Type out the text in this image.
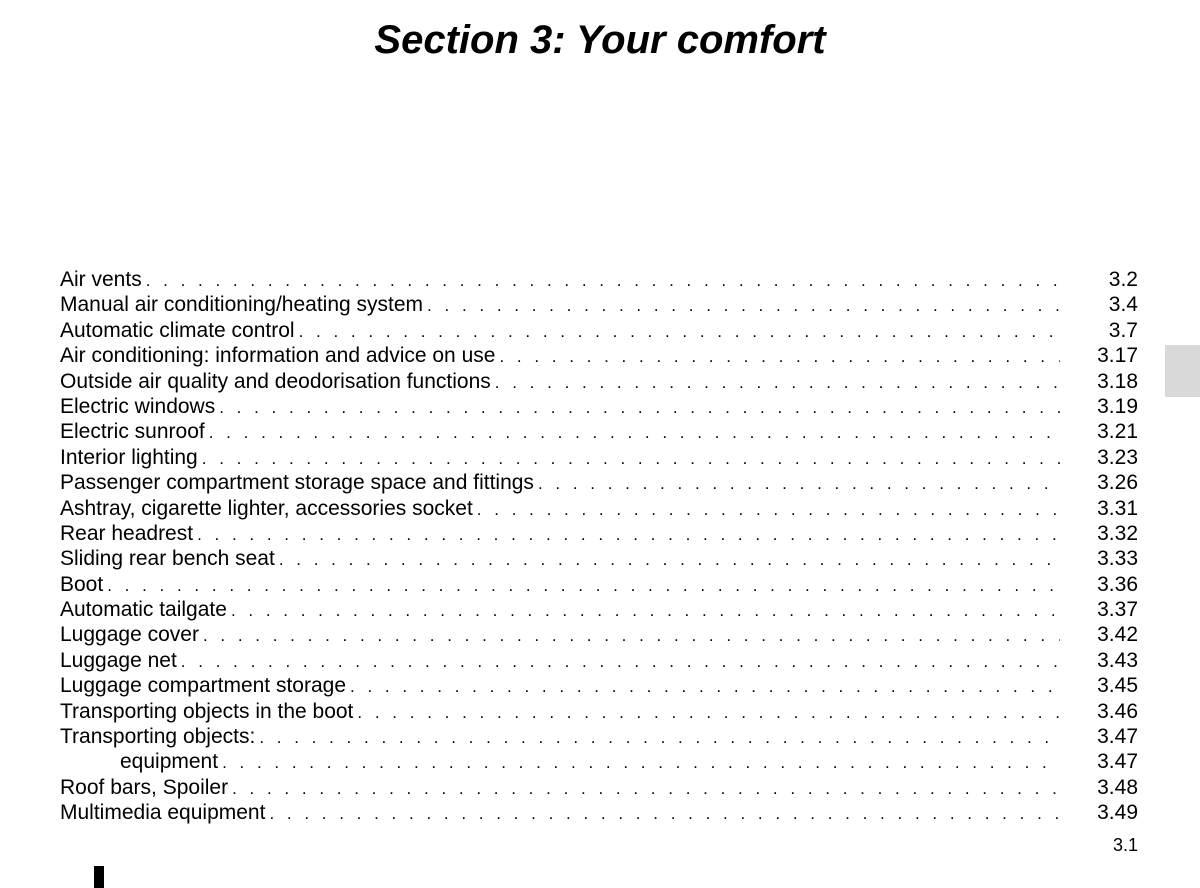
Section 3: Your comfort
Air vents . . .	3.2
Manual air conditioning/heating system . . .	3.4
Automatic climate control . . .	3.7
Air conditioning: information and advice on use . . .	3.17
Outside air quality and deodorisation functions . . .	3.18
Electric windows . . .	3.19
Electric sunroof . . .	3.21
Interior lighting . . .	3.23
Passenger compartment storage space and fittings . . .	3.26
Ashtray, cigarette lighter, accessories socket . . .	3.31
Rear headrest . . .	3.32
Sliding rear bench seat . . .	3.33
Boot . . .	3.36
Automatic tailgate . . .	3.37
Luggage cover . . .	3.42
Luggage net . . .	3.43
Luggage compartment storage . . .	3.45
Transporting objects in the boot . . .	3.46
Transporting objects: . . .	3.47
equipment . . .	3.47
Roof bars, Spoiler . . .	3.48
Multimedia equipment . . .	3.49
3.1
